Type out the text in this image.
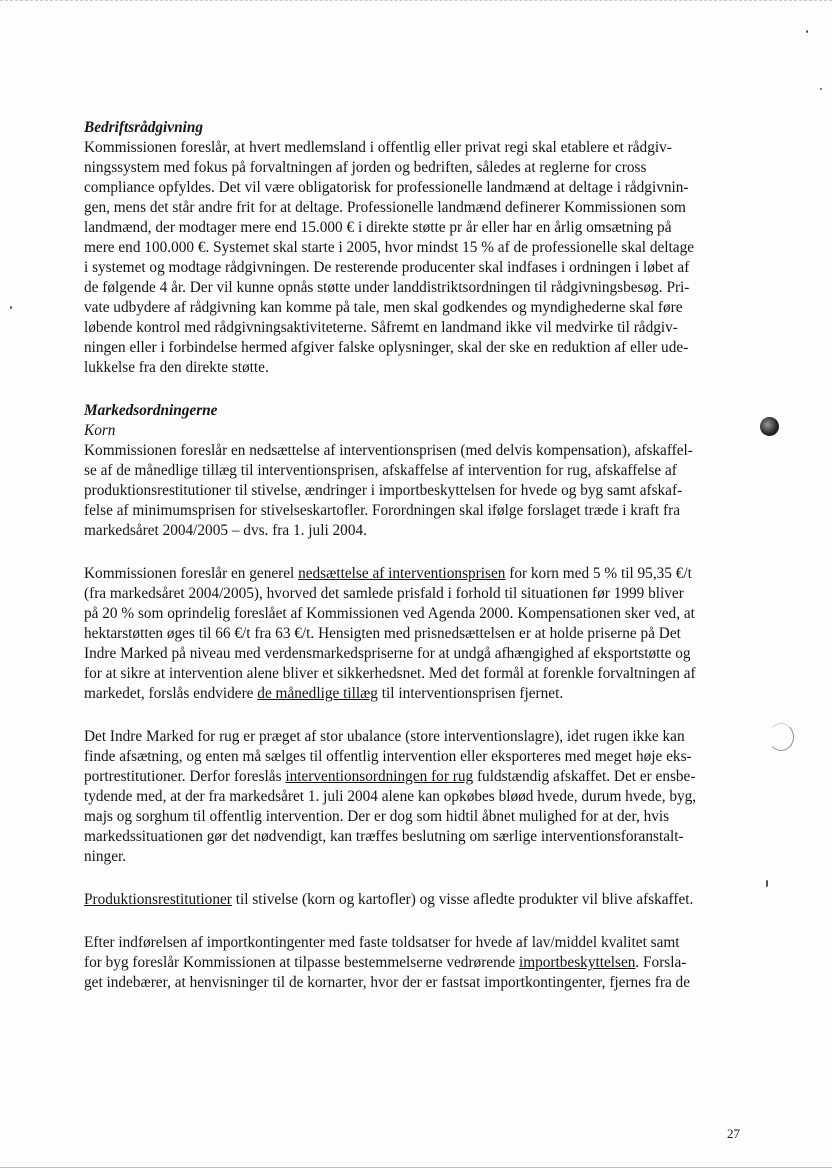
Bedriftsrådgivning
Kommissionen foreslår, at hvert medlemsland i offentlig eller privat regi skal etablere et rådgiv-
ningssystem med fokus på forvaltningen af jorden og bedriften, således at reglerne for cross
compliance opfyldes. Det vil være obligatorisk for professionelle landmænd at deltage i rådgivnin-
gen, mens det står andre frit for at deltage. Professionelle landmænd definerer Kommissionen som
landmænd, der modtager mere end 15.000 € i direkte støtte pr år eller har en årlig omsætning på
mere end 100.000 €. Systemet skal starte i 2005, hvor mindst 15 % af de professionelle skal deltage
i systemet og modtage rådgivningen. De resterende producenter skal indfases i ordningen i løbet af
de følgende 4 år. Der vil kunne opnås støtte under landdistriktsordningen til rådgivningsbesøg. Pri-
vate udbydere af rådgivning kan komme på tale, men skal godkendes og myndighederne skal føre
løbende kontrol med rådgivningsaktiviteterne. Såfremt en landmand ikke vil medvirke til rådgiv-
ningen eller i forbindelse hermed afgiver falske oplysninger, skal der ske en reduktion af eller ude-
lukkelse fra den direkte støtte.
Markedsordningerne
Korn
Kommissionen foreslår en nedsættelse af interventionsprisen (med delvis kompensation), afskaffel-
se af de månedlige tillæg til interventionsprisen, afskaffelse af intervention for rug, afskaffelse af
produktionsrestitutioner til stivelse, ændringer i importbeskyttelsen for hvede og byg samt afskaf-
felse af minimumsprisen for stivelseskartofler. Forordningen skal ifølge forslaget træde i kraft fra
markedsåret 2004/2005 – dvs. fra 1. juli 2004.
Kommissionen foreslår en generel nedsættelse af interventionsprisen for korn med 5 % til 95,35 €/t
(fra markedsåret 2004/2005), hvorved det samlede prisfald i forhold til situationen før 1999 bliver
på 20 % som oprindelig foreslået af Kommissionen ved Agenda 2000. Kompensationen sker ved, at
hektarstøtten øges til 66 €/t fra 63 €/t. Hensigten med prisnedsættelsen er at holde priserne på Det
Indre Marked på niveau med verdensmarkedspriserne for at undgå afhængighed af eksportstøtte og
for at sikre at intervention alene bliver et sikkerhedsnet. Med det formål at forenkle forvaltningen af
markedet, forslås endvidere de månedlige tillæg til interventionsprisen fjernet.
Det Indre Marked for rug er præget af stor ubalance (store interventionslagre), idet rugen ikke kan
finde afsætning, og enten må sælges til offentlig intervention eller eksporteres med meget høje eks-
portrestitutioner. Derfor foreslås interventionsordningen for rug fuldstændig afskaffet. Det er ensbe-
tydende med, at der fra markedsåret 1. juli 2004 alene kan opkøbes bløød hvede, durum hvede, byg,
majs og sorghum til offentlig intervention. Der er dog som hidtil åbnet mulighed for at der, hvis
markedssituationen gør det nødvendigt, kan træffes beslutning om særlige interventionsforanstalt-
ninger.
Produktionsrestitutioner til stivelse (korn og kartofler) og visse afledte produkter vil blive afskaffet.
Efter indførelsen af importkontingenter med faste toldsatser for hvede af lav/middel kvalitet samt
for byg foreslår Kommissionen at tilpasse bestemmelserne vedrørende importbeskyttelsen. Forsla-
get indebærer, at henvisninger til de kornarter, hvor der er fastsat importkontingenter, fjernes fra de
27
